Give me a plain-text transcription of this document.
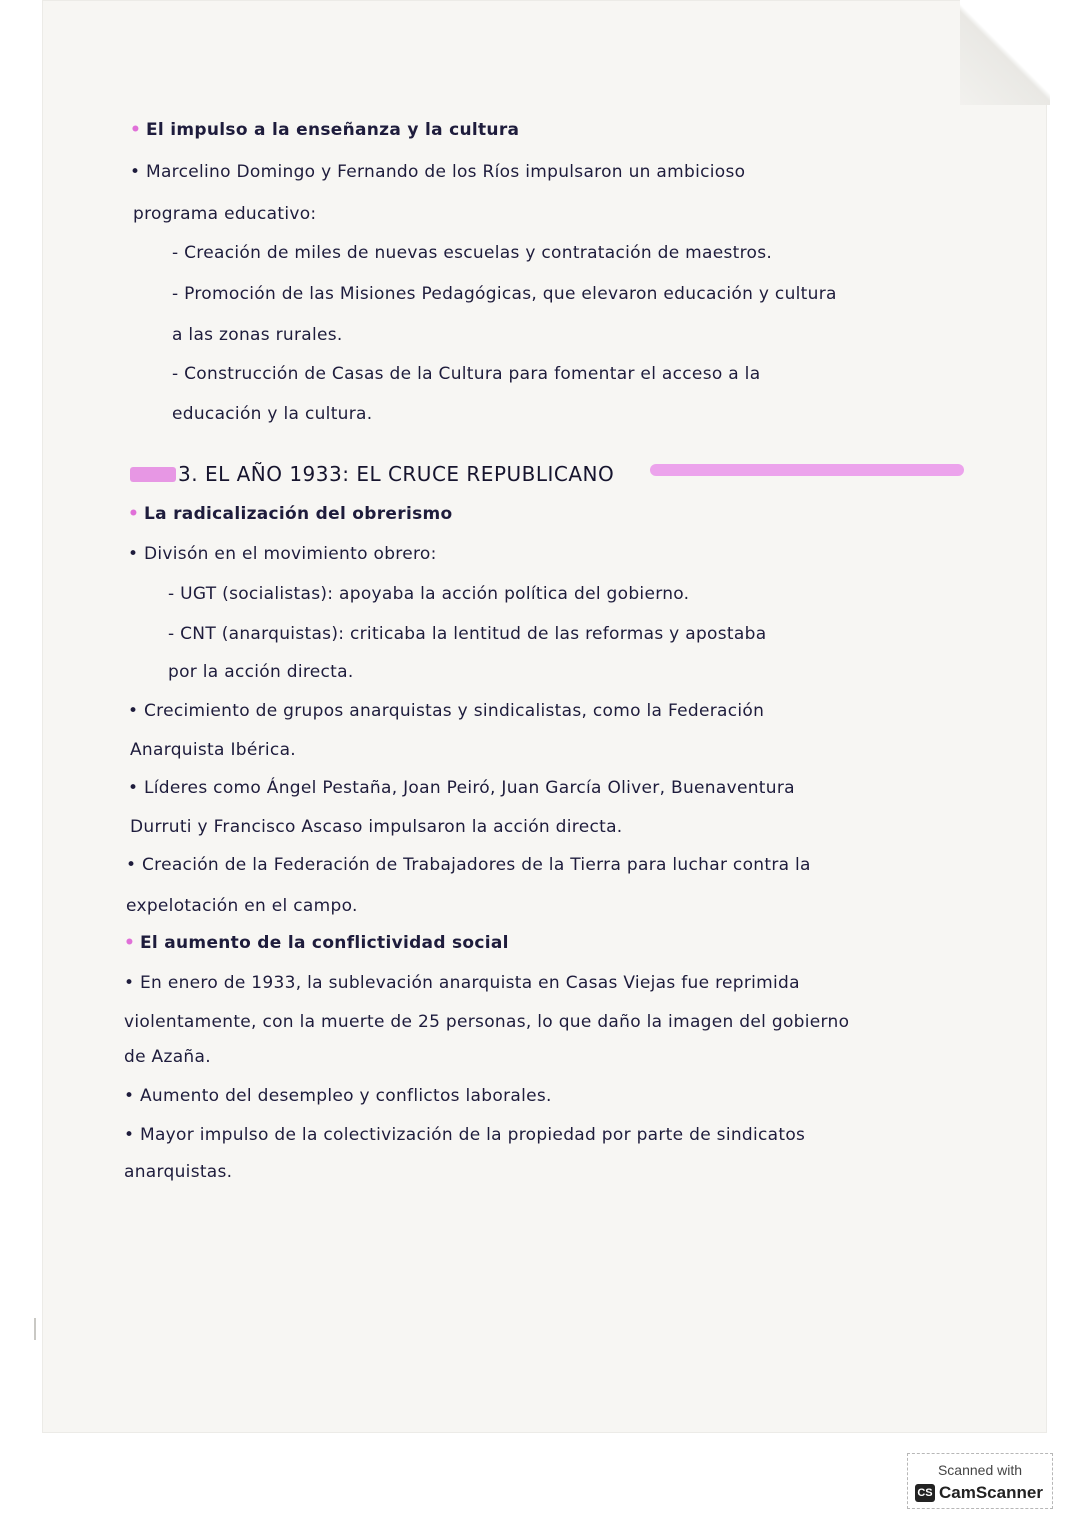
• El impulso a la enseñanza y la cultura
• Marcelino Domingo y Fernando de los Ríos impulsaron un ambicioso
programa educativo:
- Creación de miles de nuevas escuelas y contratación de maestros.
- Promoción de las Misiones Pedagógicas, que elevaron educación y cultura
a las zonas rurales.
- Construcción de Casas de la Cultura para fomentar el acceso a la
educación y la cultura.
3. EL AÑO 1933: EL CRUCE REPUBLICANO
• La radicalización del obrerismo
• Divisón en el movimiento obrero:
- UGT (socialistas): apoyaba la acción política del gobierno.
- CNT (anarquistas): criticaba la lentitud de las reformas y apostaba
por la acción directa.
• Crecimiento de grupos anarquistas y sindicalistas, como la Federación
Anarquista Ibérica.
• Líderes como Ángel Pestaña, Joan Peiró, Juan García Oliver, Buenaventura
Durruti y Francisco Ascaso impulsaron la acción directa.
• Creación de la Federación de Trabajadores de la Tierra para luchar contra la
expelotación en el campo.
• El aumento de la conflictividad social
• En enero de 1933, la sublevación anarquista en Casas Viejas fue reprimida
violentamente, con la muerte de 25 personas, lo que daño la imagen del gobierno
de Azaña.
• Aumento del desempleo y conflictos laborales.
• Mayor impulso de la colectivización de la propiedad por parte de sindicatos
anarquistas.
Scanned with
CS CamScanner
